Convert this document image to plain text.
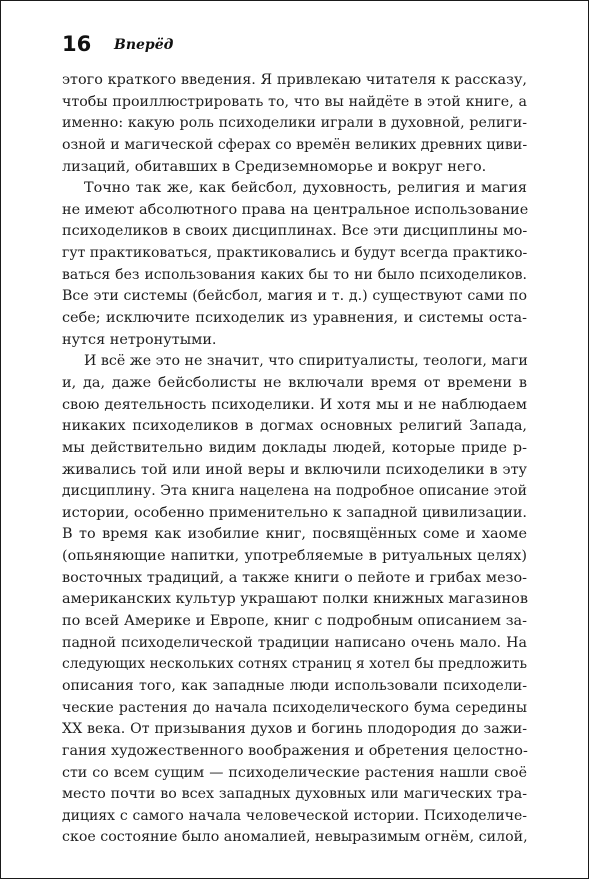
16 Вперёд
этого краткого введения. Я привлекаю читателя к рассказу,
чтобы проиллюстрировать то, что вы найдёте в этой книге, а
именно: какую роль психоделики играли в духовной, религи-
озной и магической сферах со времён великих древних циви-
лизаций, обитавших в Средиземноморье и вокруг него.
Точно так же, как бейсбол, духовность, религия и магия
не имеют абсолютного права на центральное использование
психоделиков в своих дисциплинах. Все эти дисциплины мо-
гут практиковаться, практиковались и будут всегда практико-
ваться без использования каких бы то ни было психоделиков.
Все эти системы (бейсбол, магия и т. д.) существуют сами по
себе; исключите психоделик из уравнения, и системы оста-
нутся нетронутыми.
И всё же это не значит, что спиритуалисты, теологи, маги
и, да, даже бейсболисты не включали время от времени в
свою деятельность психоделики. И хотя мы и не наблюдаем
никаких психоделиков в догмах основных религий Запада,
мы действительно видим доклады людей, которые приде р-
живались той или иной веры и включили психоделики в эту
дисциплину. Эта книга нацелена на подробное описание этой
истории, особенно применительно к западной цивилизации.
В то время как изобилие книг, посвящённых соме и хаоме
(опьяняющие напитки, употребляемые в ритуальных целях)
восточных традиций, а также книги о пейоте и грибах мезо-
американских культур украшают полки книжных магазинов
по всей Америке и Европе, книг с подробным описанием за-
падной психоделической традиции написано очень мало. На
следующих нескольких сотнях страниц я хотел бы предложить
описания того, как западные люди использовали психодели-
ческие растения до начала психоделического бума середины
XX века. От призывания духов и богинь плодородия до зажи-
гания художественного воображения и обретения целостно-
сти со всем сущим — психоделические растения нашли своё
место почти во всех западных духовных или магических тра-
дициях с самого начала человеческой истории. Психоделиче-
ское состояние было аномалией, невыразимым огнём, силой,
